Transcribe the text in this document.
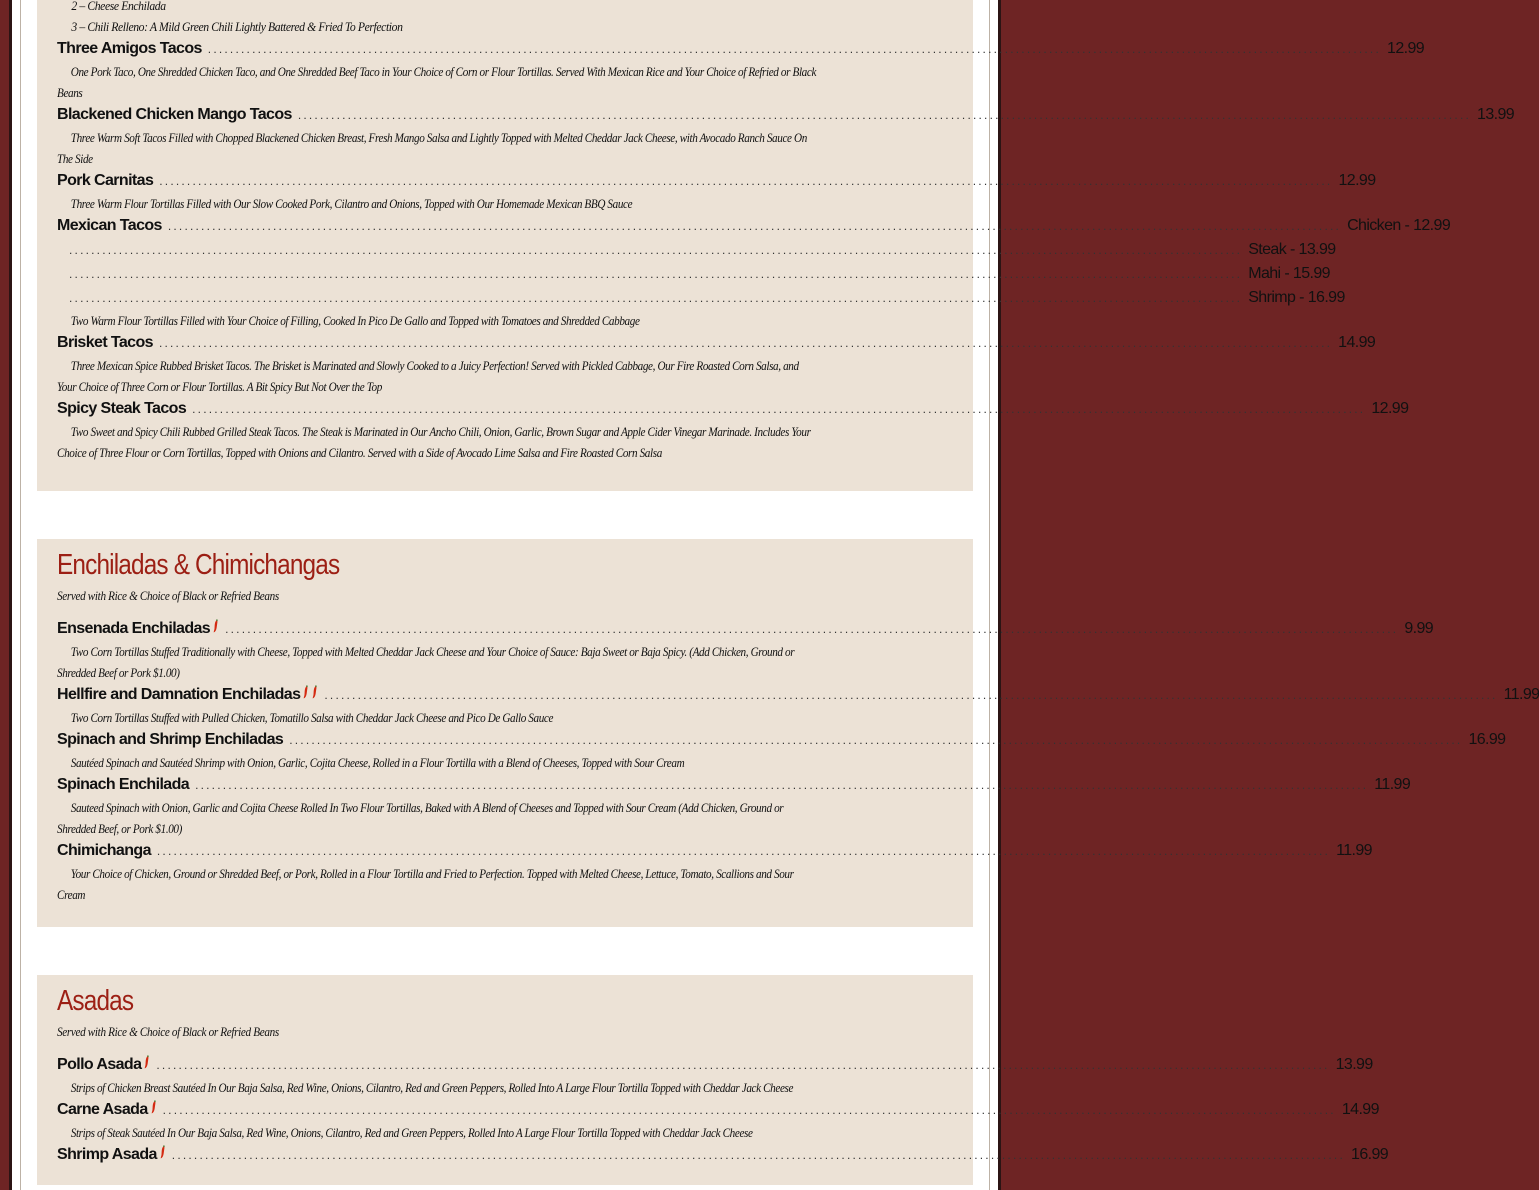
2 – Cheese Enchilada
3 – Chili Relleno: A Mild Green Chili Lightly Battered & Fried To Perfection
Three Amigos Tacos .................................................................................................................................................................................................................... 12.99
One Pork Taco, One Shredded Chicken Taco, and One Shredded Beef Taco in Your Choice of Corn or Flour Tortillas. Served With Mexican Rice and Your Choice of Refried or Black
Beans
Blackened Chicken Mango Tacos .................................................................................................................................................................................................................... 13.99
Three Warm Soft Tacos Filled with Chopped Blackened Chicken Breast, Fresh Mango Salsa and Lightly Topped with Melted Cheddar Jack Cheese, with Avocado Ranch Sauce On
The Side
Pork Carnitas .................................................................................................................................................................................................................... 12.99
Three Warm Flour Tortillas Filled with Our Slow Cooked Pork, Cilantro and Onions, Topped with Our Homemade Mexican BBQ Sauce
Mexican Tacos .................................................................................................................................................................................................................... Chicken - 12.99
.................................................................................................................................................................................................................... Steak - 13.99
.................................................................................................................................................................................................................... Mahi - 15.99
.................................................................................................................................................................................................................... Shrimp - 16.99
Two Warm Flour Tortillas Filled with Your Choice of Filling, Cooked In Pico De Gallo and Topped with Tomatoes and Shredded Cabbage
Brisket Tacos .................................................................................................................................................................................................................... 14.99
Three Mexican Spice Rubbed Brisket Tacos. The Brisket is Marinated and Slowly Cooked to a Juicy Perfection! Served with Pickled Cabbage, Our Fire Roasted Corn Salsa, and
Your Choice of Three Corn or Flour Tortillas. A Bit Spicy But Not Over the Top
Spicy Steak Tacos .................................................................................................................................................................................................................... 12.99
Two Sweet and Spicy Chili Rubbed Grilled Steak Tacos. The Steak is Marinated in Our Ancho Chili, Onion, Garlic, Brown Sugar and Apple Cider Vinegar Marinade. Includes Your
Choice of Three Flour or Corn Tortillas, Topped with Onions and Cilantro. Served with a Side of Avocado Lime Salsa and Fire Roasted Corn Salsa
Enchiladas & Chimichangas
Served with Rice & Choice of Black or Refried Beans
Ensenada Enchiladas .................................................................................................................................................................................................................... 9.99
Two Corn Tortillas Stuffed Traditionally with Cheese, Topped with Melted Cheddar Jack Cheese and Your Choice of Sauce: Baja Sweet or Baja Spicy. (Add Chicken, Ground or
Shredded Beef or Pork $1.00)
Hellfire and Damnation Enchiladas .................................................................................................................................................................................................................... 11.99
Two Corn Tortillas Stuffed with Pulled Chicken, Tomatillo Salsa with Cheddar Jack Cheese and Pico De Gallo Sauce
Spinach and Shrimp Enchiladas .................................................................................................................................................................................................................... 16.99
Sautéed Spinach and Sautéed Shrimp with Onion, Garlic, Cojita Cheese, Rolled in a Flour Tortilla with a Blend of Cheeses, Topped with Sour Cream
Spinach Enchilada .................................................................................................................................................................................................................... 11.99
Sauteed Spinach with Onion, Garlic and Cojita Cheese Rolled In Two Flour Tortillas, Baked with A Blend of Cheeses and Topped with Sour Cream (Add Chicken, Ground or
Shredded Beef, or Pork $1.00)
Chimichanga .................................................................................................................................................................................................................... 11.99
Your Choice of Chicken, Ground or Shredded Beef, or Pork, Rolled in a Flour Tortilla and Fried to Perfection. Topped with Melted Cheese, Lettuce, Tomato, Scallions and Sour
Cream
Asadas
Served with Rice & Choice of Black or Refried Beans
Pollo Asada .................................................................................................................................................................................................................... 13.99
Strips of Chicken Breast Sautéed In Our Baja Salsa, Red Wine, Onions, Cilantro, Red and Green Peppers, Rolled Into A Large Flour Tortilla Topped with Cheddar Jack Cheese
Carne Asada .................................................................................................................................................................................................................... 14.99
Strips of Steak Sautéed In Our Baja Salsa, Red Wine, Onions, Cilantro, Red and Green Peppers, Rolled Into A Large Flour Tortilla Topped with Cheddar Jack Cheese
Shrimp Asada .................................................................................................................................................................................................................... 16.99
